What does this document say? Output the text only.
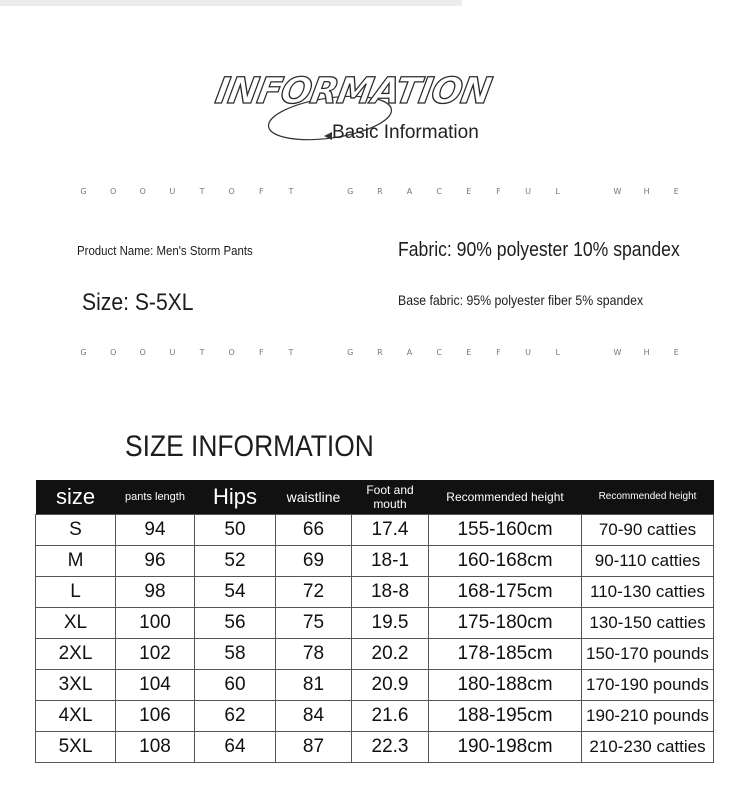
INFORMATION
Basic Information
G	O	O	U	T	O	F	T	G	R	A	C	E	F	U	L	W	H	E
Product Name: Men's Storm Pants	Fabric: 90% polyester 10% spandex
Size: S-5XL	Base fabric: 95% polyester fiber 5% spandex
G	O	O	U	T	O	F	T	G	R	A	C	E	F	U	L	W	H	E
SIZE INFORMATION
size	pants length	Hips	waistline	Foot and mouth	Recommended height	Recommended height
S	94	50	66	17.4	155-160cm	70-90 catties
M	96	52	69	18-1	160-168cm	90-110 catties
L	98	54	72	18-8	168-175cm	110-130 catties
XL	100	56	75	19.5	175-180cm	130-150 catties
2XL	102	58	78	20.2	178-185cm	150-170 pounds
3XL	104	60	81	20.9	180-188cm	170-190 pounds
4XL	106	62	84	21.6	188-195cm	190-210 pounds
5XL	108	64	87	22.3	190-198cm	210-230 catties
